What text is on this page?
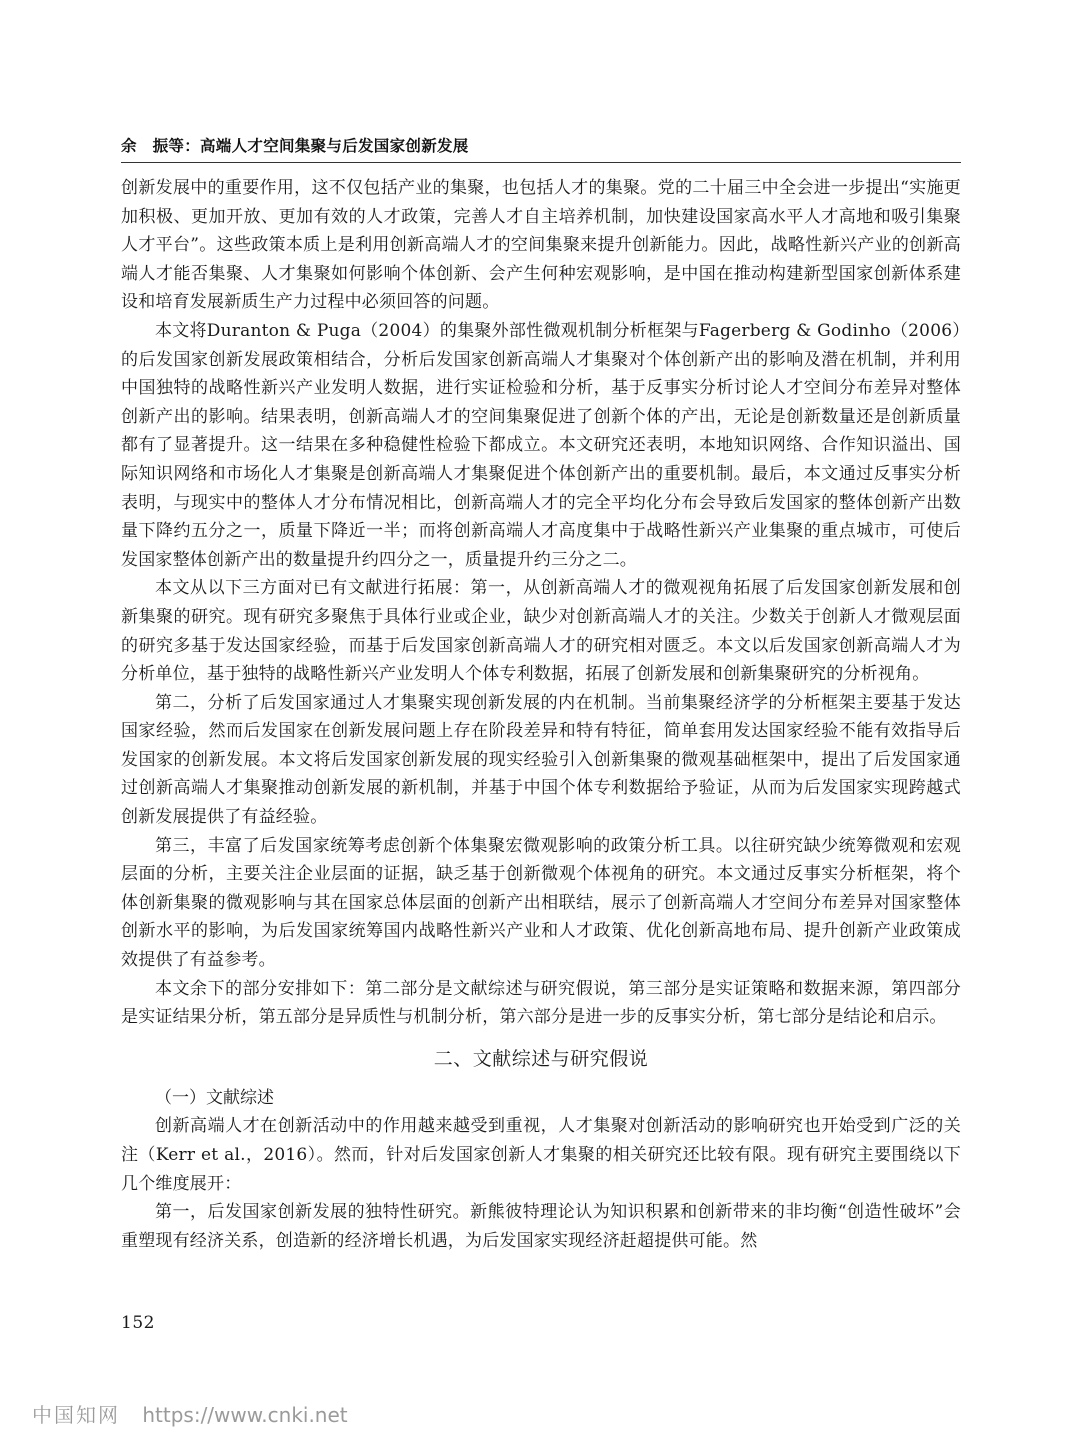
余　振等：高端人才空间集聚与后发国家创新发展

创新发展中的重要作用，这不仅包括产业的集聚，也包括人才的集聚。党的二十届三中全会进一步提出“实施更加积极、更加开放、更加有效的人才政策，完善人才自主培养机制，加快建设国家高水平人才高地和吸引集聚人才平台”。这些政策本质上是利用创新高端人才的空间集聚来提升创新能力。因此，战略性新兴产业的创新高端人才能否集聚、人才集聚如何影响个体创新、会产生何种宏观影响，是中国在推动构建新型国家创新体系建设和培育发展新质生产力过程中必须回答的问题。

本文将Duranton & Puga（2004）的集聚外部性微观机制分析框架与Fagerberg & Godinho（2006）的后发国家创新发展政策相结合，分析后发国家创新高端人才集聚对个体创新产出的影响及潜在机制，并利用中国独特的战略性新兴产业发明人数据，进行实证检验和分析，基于反事实分析讨论人才空间分布差异对整体创新产出的影响。结果表明，创新高端人才的空间集聚促进了创新个体的产出，无论是创新数量还是创新质量都有了显著提升。这一结果在多种稳健性检验下都成立。本文研究还表明，本地知识网络、合作知识溢出、国际知识网络和市场化人才集聚是创新高端人才集聚促进个体创新产出的重要机制。最后，本文通过反事实分析表明，与现实中的整体人才分布情况相比，创新高端人才的完全平均化分布会导致后发国家的整体创新产出数量下降约五分之一，质量下降近一半；而将创新高端人才高度集中于战略性新兴产业集聚的重点城市，可使后发国家整体创新产出的数量提升约四分之一，质量提升约三分之二。

本文从以下三方面对已有文献进行拓展：第一，从创新高端人才的微观视角拓展了后发国家创新发展和创新集聚的研究。现有研究多聚焦于具体行业或企业，缺少对创新高端人才的关注。少数关于创新人才微观层面的研究多基于发达国家经验，而基于后发国家创新高端人才的研究相对匮乏。本文以后发国家创新高端人才为分析单位，基于独特的战略性新兴产业发明人个体专利数据，拓展了创新发展和创新集聚研究的分析视角。

第二，分析了后发国家通过人才集聚实现创新发展的内在机制。当前集聚经济学的分析框架主要基于发达国家经验，然而后发国家在创新发展问题上存在阶段差异和特有特征，简单套用发达国家经验不能有效指导后发国家的创新发展。本文将后发国家创新发展的现实经验引入创新集聚的微观基础框架中，提出了后发国家通过创新高端人才集聚推动创新发展的新机制，并基于中国个体专利数据给予验证，从而为后发国家实现跨越式创新发展提供了有益经验。

第三，丰富了后发国家统筹考虑创新个体集聚宏微观影响的政策分析工具。以往研究缺少统筹微观和宏观层面的分析，主要关注企业层面的证据，缺乏基于创新微观个体视角的研究。本文通过反事实分析框架，将个体创新集聚的微观影响与其在国家总体层面的创新产出相联结，展示了创新高端人才空间分布差异对国家整体创新水平的影响，为后发国家统筹国内战略性新兴产业和人才政策、优化创新高地布局、提升创新产业政策成效提供了有益参考。

本文余下的部分安排如下：第二部分是文献综述与研究假说，第三部分是实证策略和数据来源，第四部分是实证结果分析，第五部分是异质性与机制分析，第六部分是进一步的反事实分析，第七部分是结论和启示。

二、文献综述与研究假说
（一）文献综述

创新高端人才在创新活动中的作用越来越受到重视，人才集聚对创新活动的影响研究也开始受到广泛的关注（Kerr et al.，2016）。然而，针对后发国家创新人才集聚的相关研究还比较有限。现有研究主要围绕以下几个维度展开：

第一，后发国家创新发展的独特性研究。新熊彼特理论认为知识积累和创新带来的非均衡“创造性破坏”会重塑现有经济关系，创造新的经济增长机遇，为后发国家实现经济赶超提供可能。然

152
中国知网 https://www.cnki.net
